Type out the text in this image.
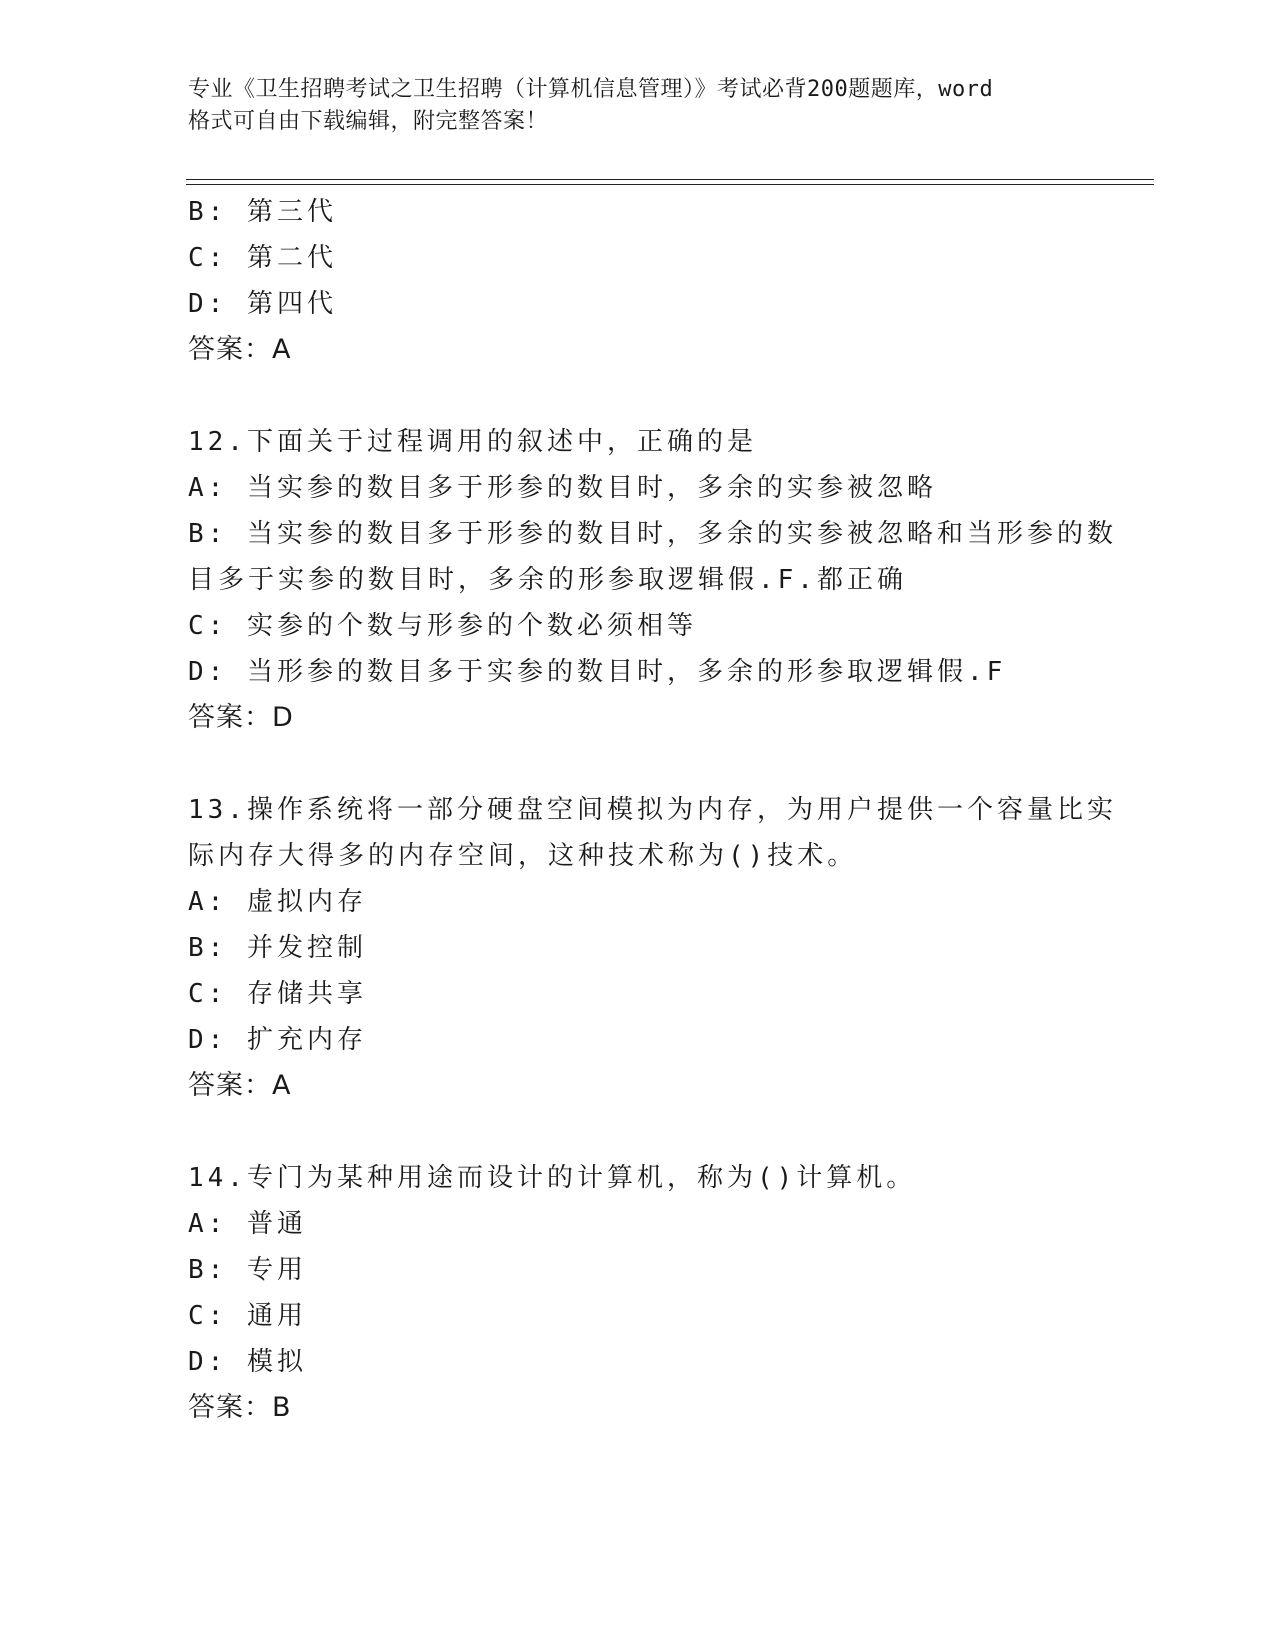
专业《卫生招聘考试之卫生招聘（计算机信息管理）》考试必背200题题库，word
格式可自由下载编辑，附完整答案！
B: 第三代
C: 第二代
D: 第四代
答案：A
12.下面关于过程调用的叙述中，正确的是
A: 当实参的数目多于形参的数目时，多余的实参被忽略
B: 当实参的数目多于形参的数目时，多余的实参被忽略和当形参的数
目多于实参的数目时，多余的形参取逻辑假.F.都正确
C: 实参的个数与形参的个数必须相等
D: 当形参的数目多于实参的数目时，多余的形参取逻辑假.F
答案：D
13.操作系统将一部分硬盘空间模拟为内存，为用户提供一个容量比实
际内存大得多的内存空间，这种技术称为()技术。
A: 虚拟内存
B: 并发控制
C: 存储共享
D: 扩充内存
答案：A
14.专门为某种用途而设计的计算机，称为()计算机。
A: 普通
B: 专用
C: 通用
D: 模拟
答案：B
